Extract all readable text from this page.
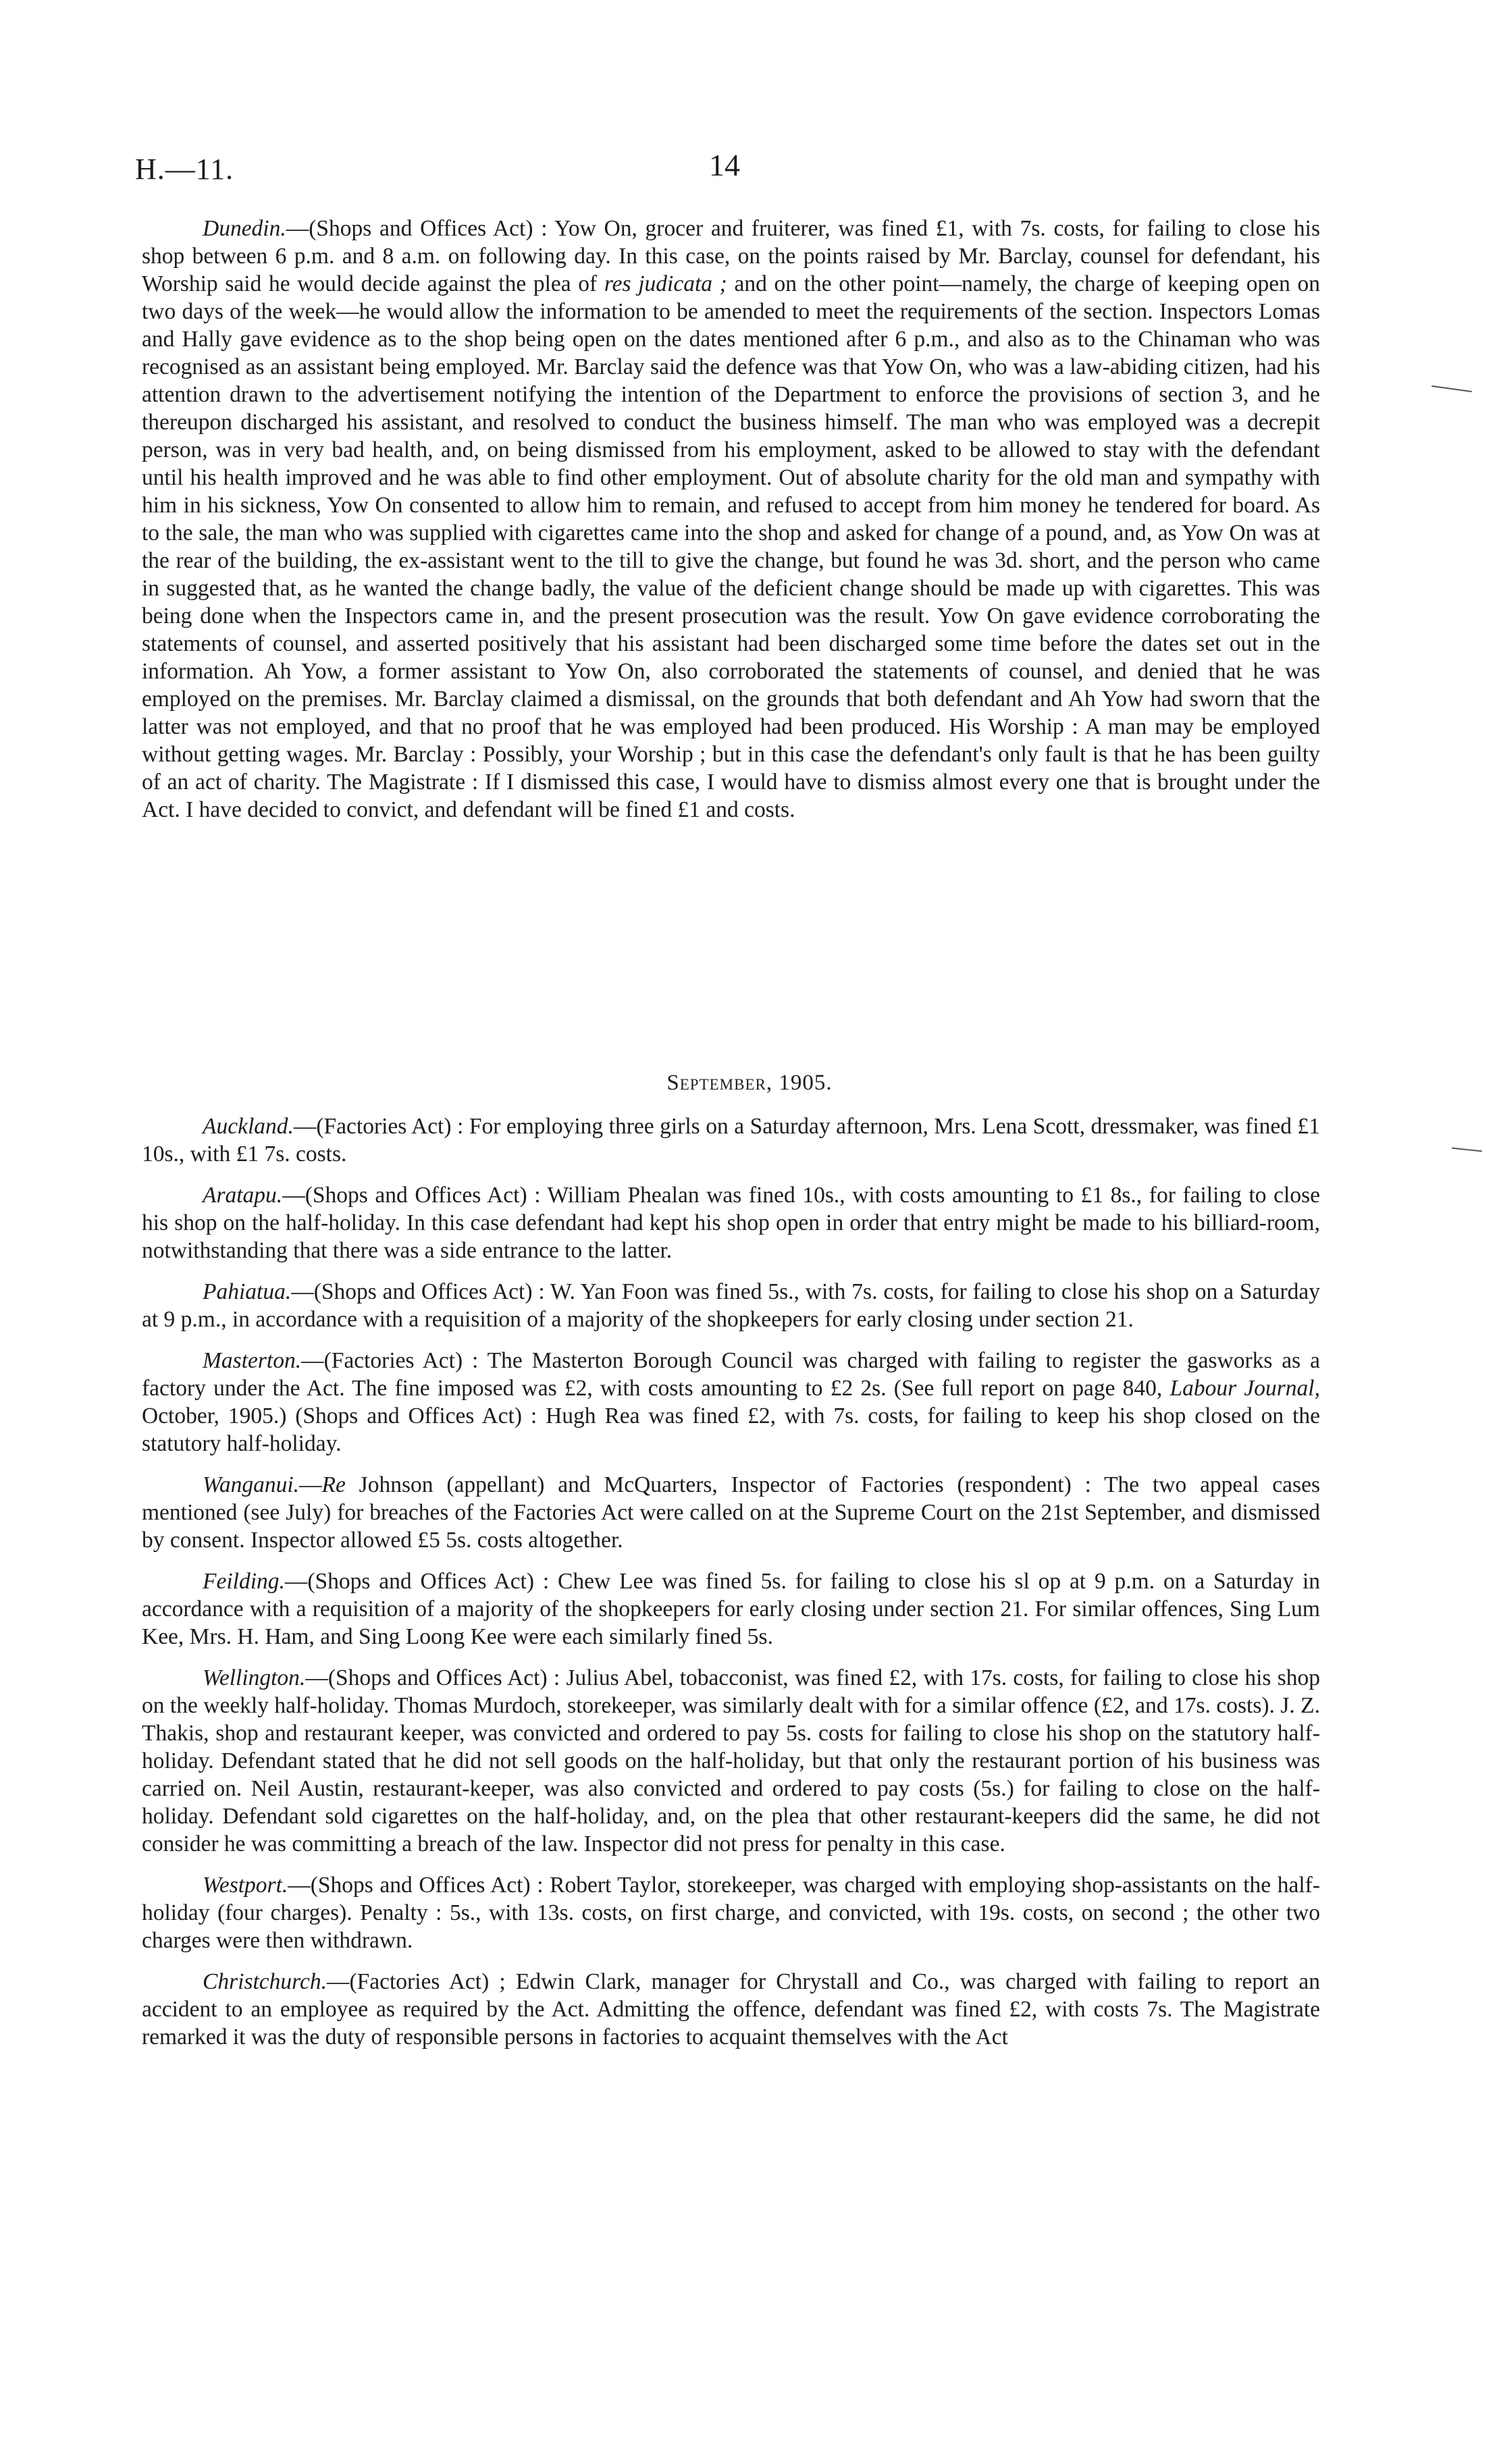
H.—11.	14

Dunedin.—(Shops and Offices Act) : Yow On, grocer and fruiterer, was fined £1, with 7s. costs, for failing to close his shop between 6 p.m. and 8 a.m. on following day. In this case, on the points raised by Mr. Barclay, counsel for defendant, his Worship said he would decide against the plea of res judicata ; and on the other point—namely, the charge of keeping open on two days of the week—he would allow the information to be amended to meet the requirements of the section. Inspectors Lomas and Hally gave evidence as to the shop being open on the dates mentioned after 6 p.m., and also as to the Chinaman who was recognised as an assistant being employed. Mr. Barclay said the defence was that Yow On, who was a law-abiding citizen, had his attention drawn to the advertisement notifying the intention of the Department to enforce the provisions of section 3, and he thereupon discharged his assistant, and resolved to conduct the business himself. The man who was employed was a decrepit person, was in very bad health, and, on being dismissed from his employment, asked to be allowed to stay with the defendant until his health improved and he was able to find other employment. Out of absolute charity for the old man and sympathy with him in his sickness, Yow On consented to allow him to remain, and refused to accept from him money he tendered for board. As to the sale, the man who was supplied with cigarettes came into the shop and asked for change of a pound, and, as Yow On was at the rear of the building, the ex-assistant went to the till to give the change, but found he was 3d. short, and the person who came in suggested that, as he wanted the change badly, the value of the deficient change should be made up with cigarettes. This was being done when the Inspectors came in, and the present prosecution was the result. Yow On gave evidence corroborating the statements of counsel, and asserted positively that his assistant had been discharged some time before the dates set out in the information. Ah Yow, a former assistant to Yow On, also corroborated the statements of counsel, and denied that he was employed on the premises. Mr. Barclay claimed a dismissal, on the grounds that both defendant and Ah Yow had sworn that the latter was not employed, and that no proof that he was employed had been produced. His Worship : A man may be employed without getting wages. Mr. Barclay : Possibly, your Worship ; but in this case the defendant's only fault is that he has been guilty of an act of charity. The Magistrate : If I dismissed this case, I would have to dismiss almost every one that is brought under the Act. I have decided to convict, and defendant will be fined £1 and costs.

September, 1905.

Auckland.—(Factories Act) : For employing three girls on a Saturday afternoon, Mrs. Lena Scott, dressmaker, was fined £1 10s., with £1 7s. costs.

Aratapu.—(Shops and Offices Act) : William Phealan was fined 10s., with costs amounting to £1 8s., for failing to close his shop on the half-holiday. In this case defendant had kept his shop open in order that entry might be made to his billiard-room, notwithstanding that there was a side entrance to the latter.

Pahiatua.—(Shops and Offices Act) : W. Yan Foon was fined 5s., with 7s. costs, for failing to close his shop on a Saturday at 9 p.m., in accordance with a requisition of a majority of the shopkeepers for early closing under section 21.

Masterton.—(Factories Act) : The Masterton Borough Council was charged with failing to register the gasworks as a factory under the Act. The fine imposed was £2, with costs amounting to £2 2s. (See full report on page 840, Labour Journal, October, 1905.) (Shops and Offices Act) : Hugh Rea was fined £2, with 7s. costs, for failing to keep his shop closed on the statutory half-holiday.

Wanganui.—Re Johnson (appellant) and McQuarters, Inspector of Factories (respondent) : The two appeal cases mentioned (see July) for breaches of the Factories Act were called on at the Supreme Court on the 21st September, and dismissed by consent. Inspector allowed £5 5s. costs altogether.

Feilding.—(Shops and Offices Act) : Chew Lee was fined 5s. for failing to close his sl op at 9 p.m. on a Saturday in accordance with a requisition of a majority of the shopkeepers for early closing under section 21. For similar offences, Sing Lum Kee, Mrs. H. Ham, and Sing Loong Kee were each similarly fined 5s.

Wellington.—(Shops and Offices Act) : Julius Abel, tobacconist, was fined £2, with 17s. costs, for failing to close his shop on the weekly half-holiday. Thomas Murdoch, storekeeper, was similarly dealt with for a similar offence (£2, and 17s. costs). J. Z. Thakis, shop and restaurant keeper, was convicted and ordered to pay 5s. costs for failing to close his shop on the statutory half-holiday. Defendant stated that he did not sell goods on the half-holiday, but that only the restaurant portion of his business was carried on. Neil Austin, restaurant-keeper, was also convicted and ordered to pay costs (5s.) for failing to close on the half-holiday. Defendant sold cigarettes on the half-holiday, and, on the plea that other restaurant-keepers did the same, he did not consider he was committing a breach of the law. Inspector did not press for penalty in this case.

Westport.—(Shops and Offices Act) : Robert Taylor, storekeeper, was charged with employing shop-assistants on the half-holiday (four charges). Penalty : 5s., with 13s. costs, on first charge, and convicted, with 19s. costs, on second ; the other two charges were then withdrawn.

Christchurch.—(Factories Act) ; Edwin Clark, manager for Chrystall and Co., was charged with failing to report an accident to an employee as required by the Act. Admitting the offence, defendant was fined £2, with costs 7s. The Magistrate remarked it was the duty of responsible persons in factories to acquaint themselves with the Act
